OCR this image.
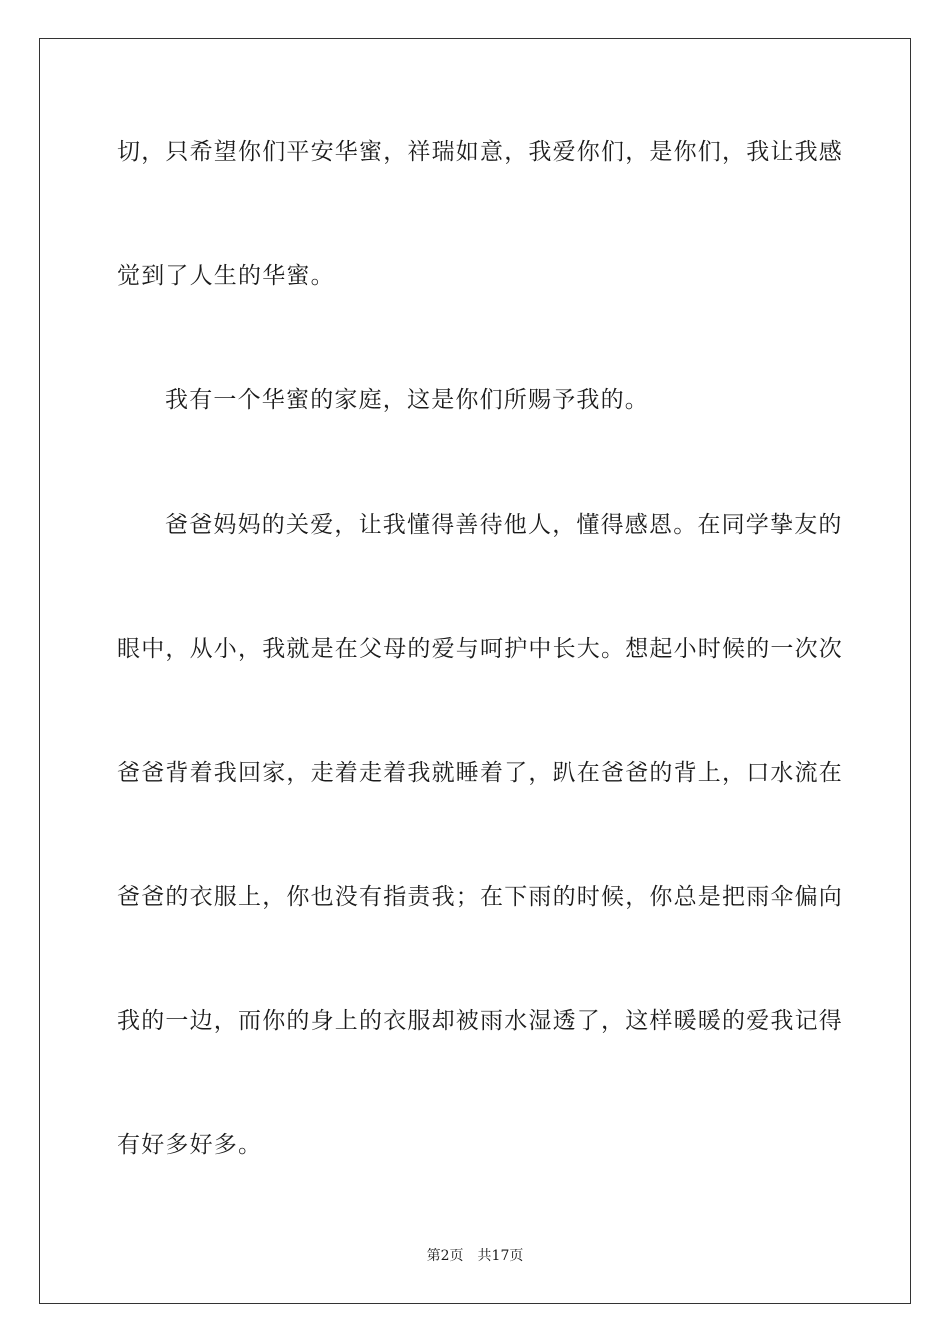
切，只希望你们平安华蜜，祥瑞如意，我爱你们，是你们，我让我感
觉到了人生的华蜜。
我有一个华蜜的家庭，这是你们所赐予我的。
爸爸妈妈的关爱，让我懂得善待他人，懂得感恩。在同学挚友的
眼中，从小，我就是在父母的爱与呵护中长大。想起小时候的一次次
爸爸背着我回家，走着走着我就睡着了，趴在爸爸的背上，口水流在
爸爸的衣服上，你也没有指责我；在下雨的时候，你总是把雨伞偏向
我的一边，而你的身上的衣服却被雨水湿透了，这样暖暖的爱我记得
有好多好多。
第2页 共17页
